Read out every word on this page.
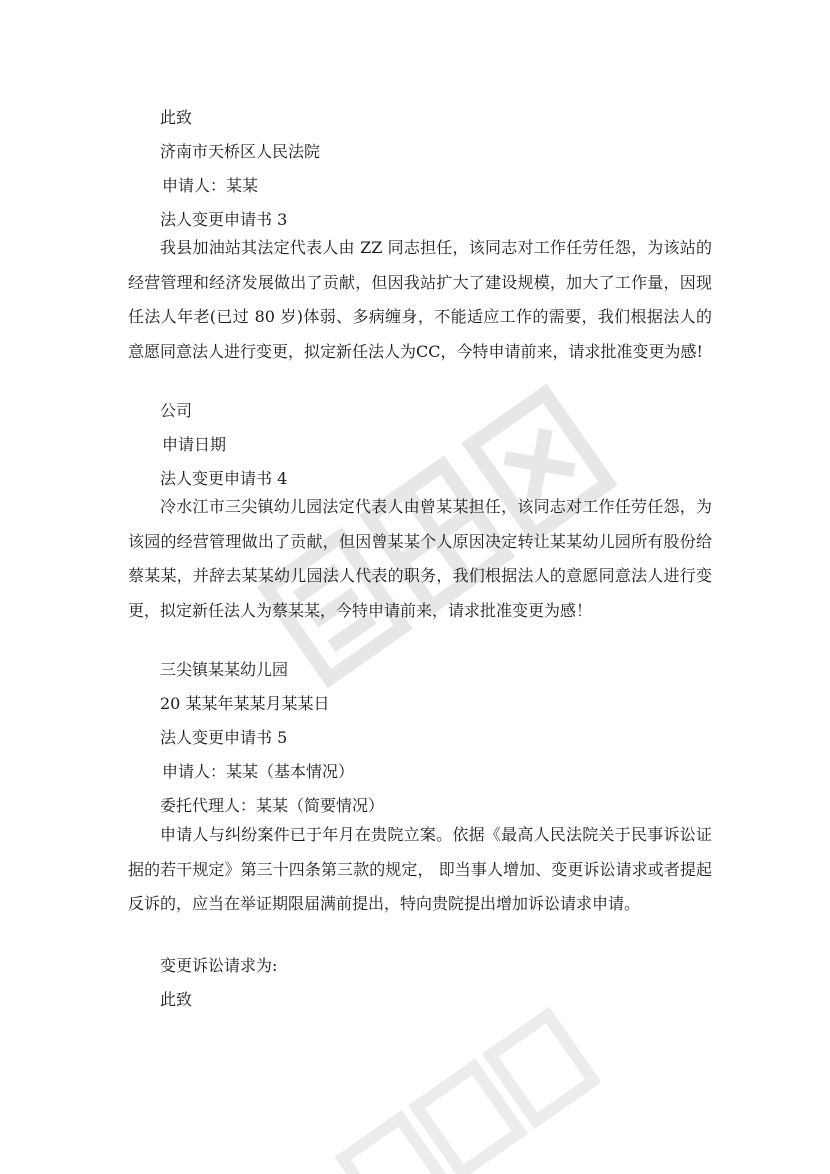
此致
济南市天桥区人民法院
申请人：某某
法人变更申请书 3
我县加油站其法定代表人由 ZZ 同志担任，该同志对工作任劳任怨，为该站的经营管理和经济发展做出了贡献，但因我站扩大了建设规模，加大了工作量，因现任法人年老(已过 80 岁)体弱、多病缠身，不能适应工作的需要，我们根据法人的意愿同意法人进行变更，拟定新任法人为CC，今特申请前来，请求批准变更为感!
公司
申请日期
法人变更申请书 4
冷水江市三尖镇幼儿园法定代表人由曾某某担任，该同志对工作任劳任怨，为该园的经营管理做出了贡献，但因曾某某个人原因决定转让某某幼儿园所有股份给蔡某某，并辞去某某幼儿园法人代表的职务，我们根据法人的意愿同意法人进行变更，拟定新任法人为蔡某某，今特申请前来，请求批准变更为感！
三尖镇某某幼儿园
20 某某年某某月某某日
法人变更申请书 5
申请人：某某（基本情况）
委托代理人：某某（简要情况）
申请人与纠纷案件已于年月在贵院立案。依据《最高人民法院关于民事诉讼证据的若干规定》第三十四条第三款的规定， 即当事人增加、变更诉讼请求或者提起反诉的，应当在举证期限届满前提出，特向贵院提出增加诉讼请求申请。
变更诉讼请求为:
此致
